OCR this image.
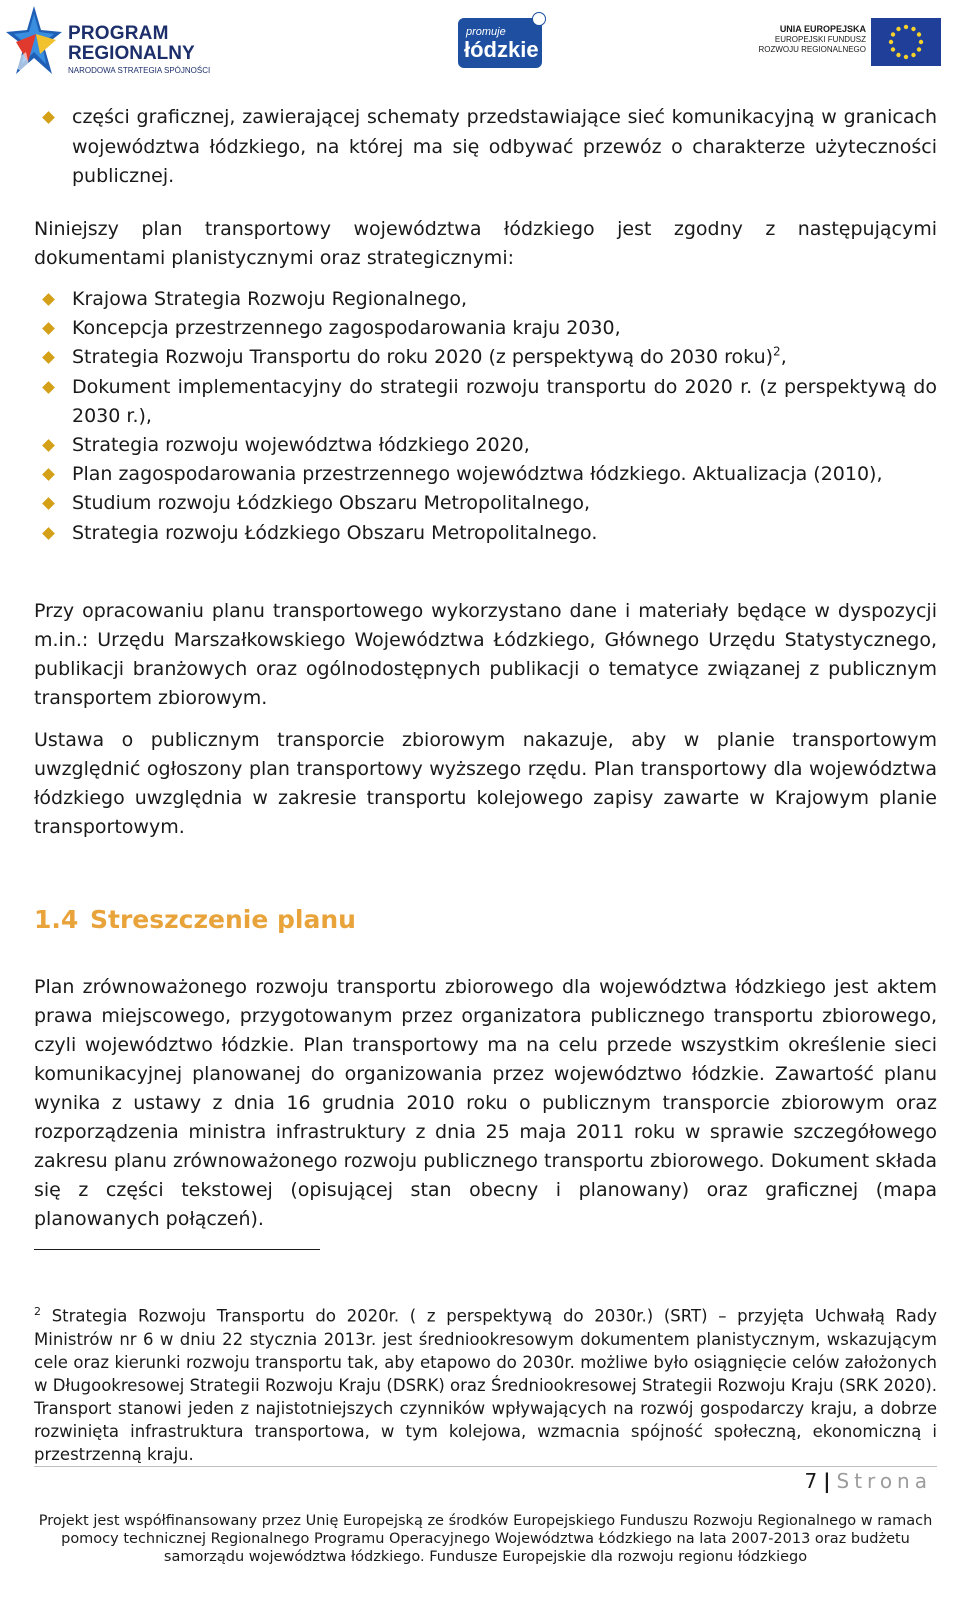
PROGRAM
REGIONALNY
NARODOWA STRATEGIA SPÓJNOŚCI
promuje
łódzkie
UNIA EUROPEJSKA
EUROPEJSKI FUNDUSZ
ROZWOJU REGIONALNEGO
części graficznej, zawierającej schematy przedstawiające sieć komunikacyjną w granicach województwa łódzkiego, na której ma się odbywać przewóz o charakterze użyteczności publicznej.

Niniejszy plan transportowy województwa łódzkiego jest zgodny z następującymi dokumentami planistycznymi oraz strategicznymi:

Krajowa Strategia Rozwoju Regionalnego,
Koncepcja przestrzennego zagospodarowania kraju 2030,
Strategia Rozwoju Transportu do roku 2020 (z perspektywą do 2030 roku)$^2$,
Dokument implementacyjny do strategii rozwoju transportu do 2020 r. (z perspektywą do 2030 r.),
Strategia rozwoju województwa łódzkiego 2020,
Plan zagospodarowania przestrzennego województwa łódzkiego. Aktualizacja (2010),
Studium rozwoju Łódzkiego Obszaru Metropolitalnego,
Strategia rozwoju Łódzkiego Obszaru Metropolitalnego.

Przy opracowaniu planu transportowego wykorzystano dane i materiały będące w dyspozycji m.in.: Urzędu Marszałkowskiego Województwa Łódzkiego, Głównego Urzędu Statystycznego, publikacji branżowych oraz ogólnodostępnych publikacji o tematyce związanej z publicznym transportem zbiorowym.

Ustawa o publicznym transporcie zbiorowym nakazuje, aby w planie transportowym uwzględnić ogłoszony plan transportowy wyższego rzędu. Plan transportowy dla województwa łódzkiego uwzględnia w zakresie transportu kolejowego zapisy zawarte w Krajowym planie transportowym.

1.4 Streszczenie planu

Plan zrównoważonego rozwoju transportu zbiorowego dla województwa łódzkiego jest aktem prawa miejscowego, przygotowanym przez organizatora publicznego transportu zbiorowego, czyli województwo łódzkie. Plan transportowy ma na celu przede wszystkim określenie sieci komunikacyjnej planowanej do organizowania przez województwo łódzkie. Zawartość planu wynika z ustawy z dnia 16 grudnia 2010 roku o publicznym transporcie zbiorowym oraz rozporządzenia ministra infrastruktury z dnia 25 maja 2011 roku w sprawie szczegółowego zakresu planu zrównoważonego rozwoju publicznego transportu zbiorowego. Dokument składa się z części tekstowej (opisującej stan obecny i planowany) oraz graficznej (mapa planowanych połączeń).

$^2$ Strategia Rozwoju Transportu do 2020r. ( z perspektywą do 2030r.) (SRT) – przyjęta Uchwałą Rady Ministrów nr 6 w dniu 22 stycznia 2013r. jest średniookresowym dokumentem planistycznym, wskazującym cele oraz kierunki rozwoju transportu tak, aby etapowo do 2030r. możliwe było osiągnięcie celów założonych w Długookresowej Strategii Rozwoju Kraju (DSRK) oraz Średniookresowej Strategii Rozwoju Kraju (SRK 2020). Transport stanowi jeden z najistotniejszych czynników wpływających na rozwój gospodarczy kraju, a dobrze rozwinięta infrastruktura transportowa, w tym kolejowa, wzmacnia spójność społeczną, ekonomiczną i przestrzenną kraju.
7 | Strona
Projekt jest współfinansowany przez Unię Europejską ze środków Europejskiego Funduszu Rozwoju Regionalnego w ramach pomocy technicznej Regionalnego Programu Operacyjnego Województwa Łódzkiego na lata 2007-2013 oraz budżetu samorządu województwa łódzkiego. Fundusze Europejskie dla rozwoju regionu łódzkiego
